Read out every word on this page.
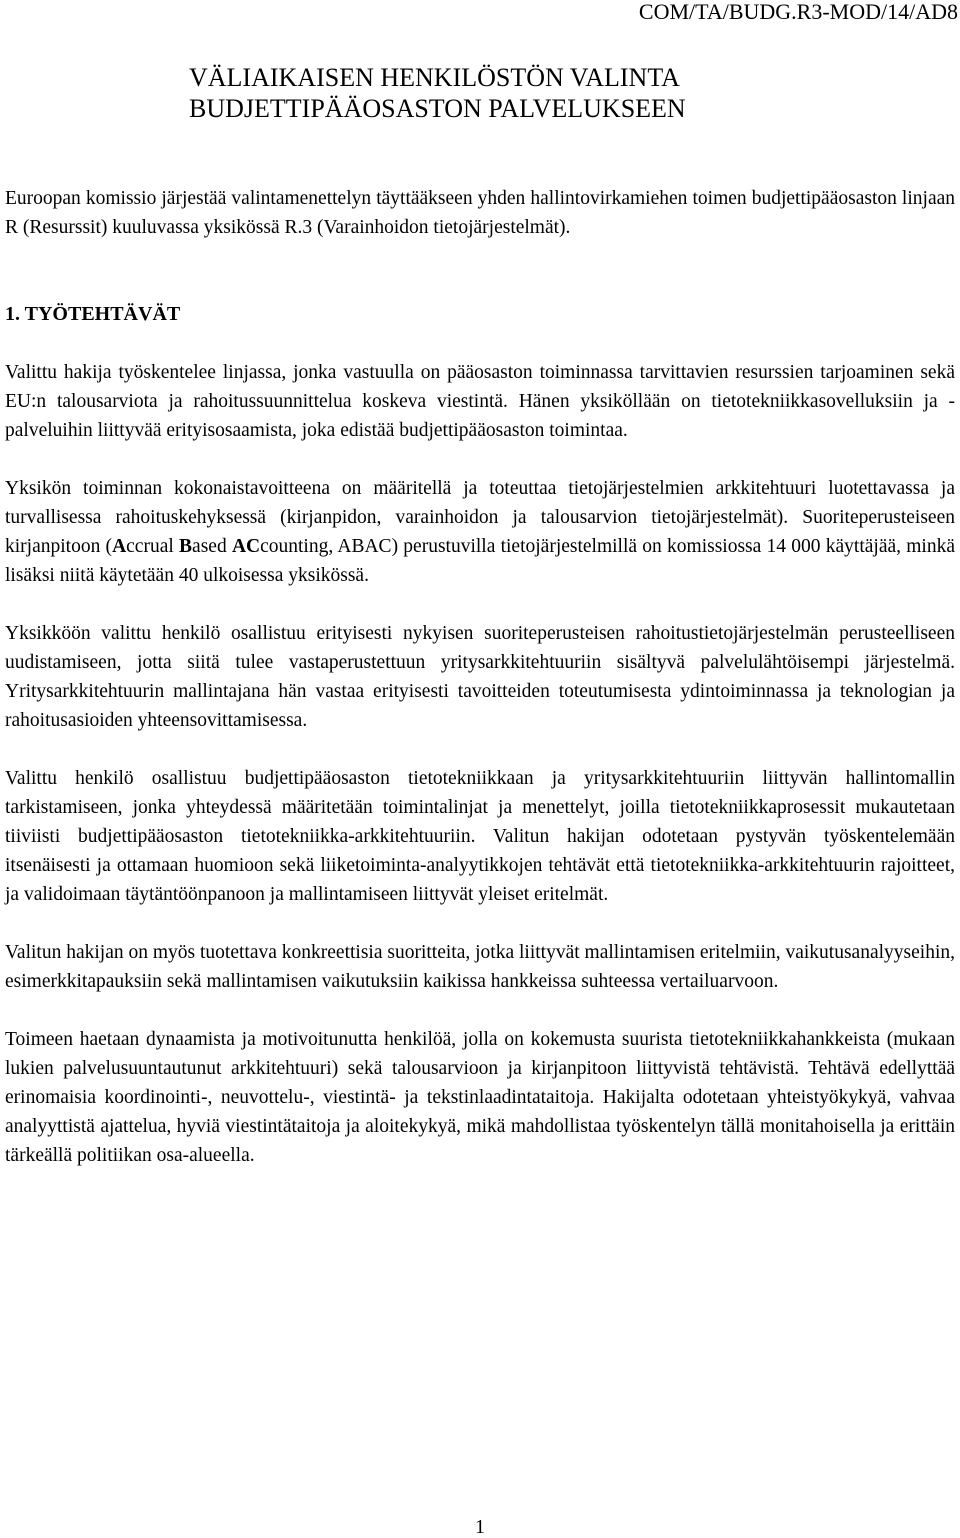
COM/TA/BUDG.R3-MOD/14/AD8
VÄLIAIKAISEN HENKILÖSTÖN VALINTA
BUDJETTIPÄÄOSASTON PALVELUKSEEN

Euroopan komissio järjestää valintamenettelyn täyttääkseen yhden hallintovirkamiehen toimen budjettipääosaston linjaan R (Resurssit) kuuluvassa yksikössä R.3 (Varainhoidon tietojärjestelmät).

1. TYÖTEHTÄVÄT

Valittu hakija työskentelee linjassa, jonka vastuulla on pääosaston toiminnassa tarvittavien resurssien tarjoaminen sekä EU:n talousarviota ja rahoitussuunnittelua koskeva viestintä. Hänen yksiköllään on tietotekniikkasovelluksiin ja -palveluihin liittyvää erityisosaamista, joka edistää budjettipääosaston toimintaa.

Yksikön toiminnan kokonaistavoitteena on määritellä ja toteuttaa tietojärjestelmien arkkitehtuuri luotettavassa ja turvallisessa rahoituskehyksessä (kirjanpidon, varainhoidon ja talousarvion tietojärjestelmät). Suoriteperusteiseen kirjanpitoon (Accrual Based ACcounting, ABAC) perustuvilla tietojärjestelmillä on komissiossa 14 000 käyttäjää, minkä lisäksi niitä käytetään 40 ulkoisessa yksikössä.

Yksikköön valittu henkilö osallistuu erityisesti nykyisen suoriteperusteisen rahoitustietojärjestelmän perusteelliseen uudistamiseen, jotta siitä tulee vastaperustettuun yritysarkkitehtuuriin sisältyvä palvelulähtöisempi järjestelmä. Yritysarkkitehtuurin mallintajana hän vastaa erityisesti tavoitteiden toteutumisesta ydintoiminnassa ja teknologian ja rahoitusasioiden yhteensovittamisessa.

Valittu henkilö osallistuu budjettipääosaston tietotekniikkaan ja yritysarkkitehtuuriin liittyvän hallintomallin tarkistamiseen, jonka yhteydessä määritetään toimintalinjat ja menettelyt, joilla tietotekniikkaprosessit mukautetaan tiiviisti budjettipääosaston tietotekniikka-arkkitehtuuriin. Valitun hakijan odotetaan pystyvän työskentelemään itsenäisesti ja ottamaan huomioon sekä liiketoiminta-analyytikkojen tehtävät että tietotekniikka-arkkitehtuurin rajoitteet, ja validoimaan täytäntöönpanoon ja mallintamiseen liittyvät yleiset eritelmät.

Valitun hakijan on myös tuotettava konkreettisia suoritteita, jotka liittyvät mallintamisen eritelmiin, vaikutusanalyyseihin, esimerkkitapauksiin sekä mallintamisen vaikutuksiin kaikissa hankkeissa suhteessa vertailuarvoon.

Toimeen haetaan dynaamista ja motivoitunutta henkilöä, jolla on kokemusta suurista tietotekniikkahankkeista (mukaan lukien palvelusuuntautunut arkkitehtuuri) sekä talousarvioon ja kirjanpitoon liittyvistä tehtävistä. Tehtävä edellyttää erinomaisia koordinointi-, neuvottelu-, viestintä- ja tekstinlaadintataitoja. Hakijalta odotetaan yhteistyökykyä, vahvaa analyyttistä ajattelua, hyviä viestintätaitoja ja aloitekykyä, mikä mahdollistaa työskentelyn tällä monitahoisella ja erittäin tärkeällä politiikan osa-alueella.

1
